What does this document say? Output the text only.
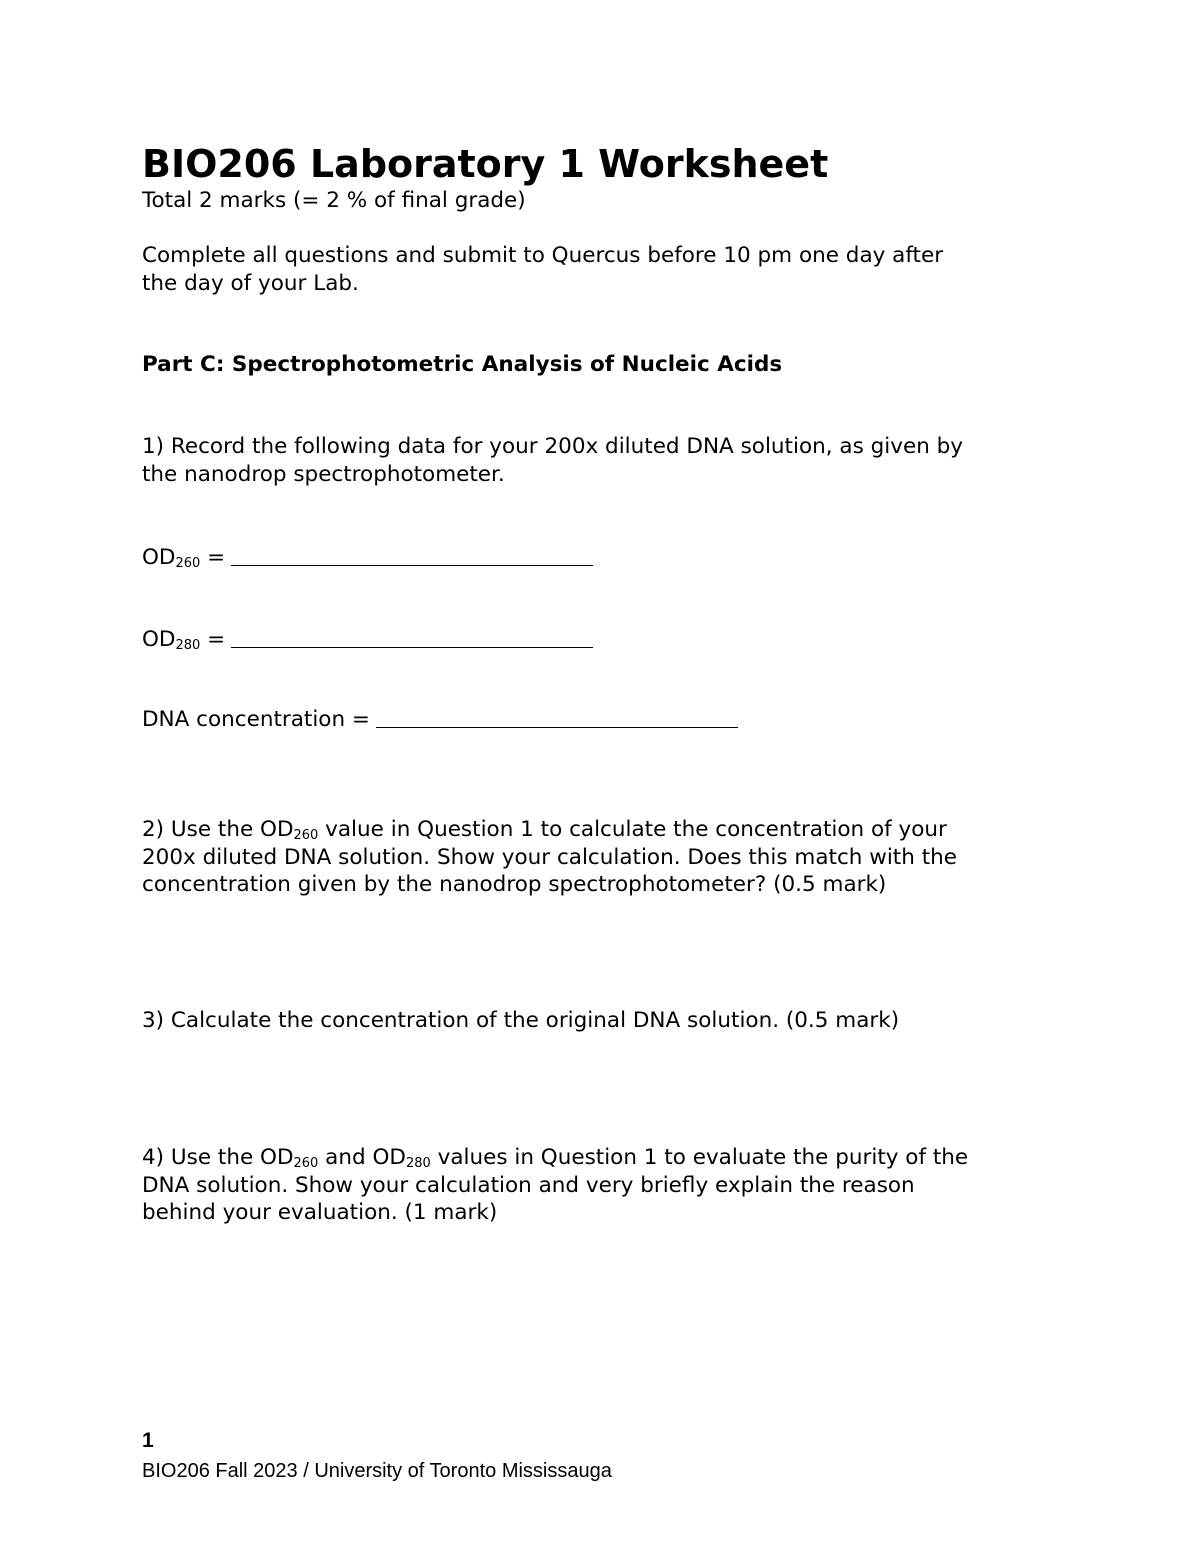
BIO206 Laboratory 1 Worksheet

Total 2 marks (= 2 % of final grade)

Complete all questions and submit to Quercus before 10 pm one day after

the day of your Lab.

Part C: Spectrophotometric Analysis of Nucleic Acids

1) Record the following data for your 200x diluted DNA solution, as given by

the nanodrop spectrophotometer.

$OD_{260}$ =

$OD_{280}$ =

DNA concentration =

2) Use the $OD_{260}$ value in Question 1 to calculate the concentration of your

200x diluted DNA solution. Show your calculation. Does this match with the

concentration given by the nanodrop spectrophotometer? (0.5 mark)

3) Calculate the concentration of the original DNA solution. (0.5 mark)

4) Use the $OD_{260}$ and $OD_{280}$ values in Question 1 to evaluate the purity of the

DNA solution. Show your calculation and very briefly explain the reason

behind your evaluation. (1 mark)

1

BIO206 Fall 2023 / University of Toronto Mississauga
